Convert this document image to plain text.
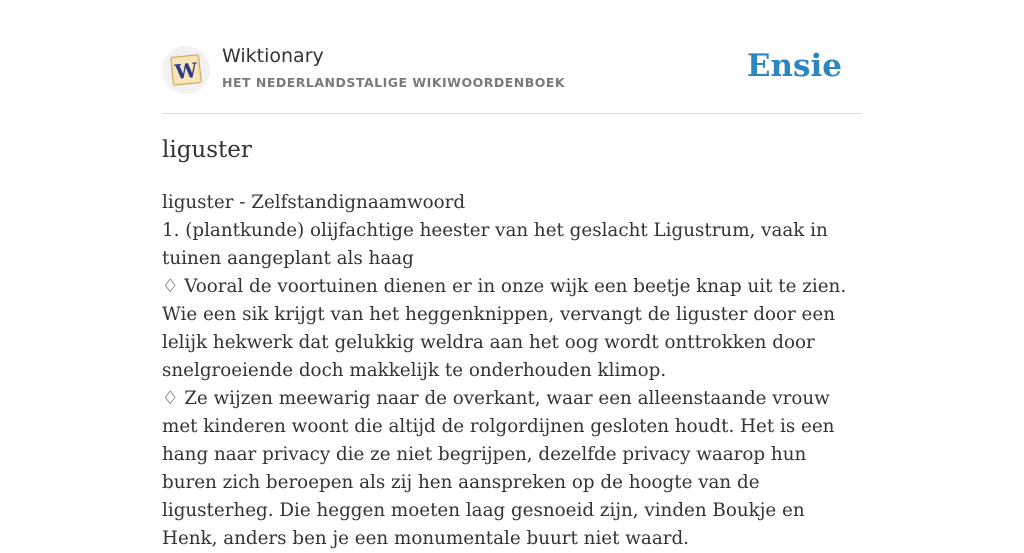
W
Wiktionary
HET NEDERLANDSTALIGE WIKIWOORDENBOEK	Ensie
liguster

liguster - Zelfstandignaamwoord

1. (plantkunde) olijfachtige heester van het geslacht Ligustrum, vaak in tuinen aangeplant als haag

♢ Vooral de voortuinen dienen er in onze wijk een beetje knap uit te zien. Wie een sik krijgt van het heggenknippen, vervangt de liguster door een lelijk hekwerk dat gelukkig weldra aan het oog wordt onttrokken door snelgroeiende doch makkelijk te onderhouden klimop.

♢ Ze wijzen meewarig naar de overkant, waar een alleenstaande vrouw met kinderen woont die altijd de rolgordijnen gesloten houdt. Het is een hang naar privacy die ze niet begrijpen, dezelfde privacy waarop hun buren zich beroepen als zij hen aanspreken op de hoogte van de ligusterheg. Die heggen moeten laag gesnoeid zijn, vinden Boukje en Henk, anders ben je een monumentale buurt niet waard.
